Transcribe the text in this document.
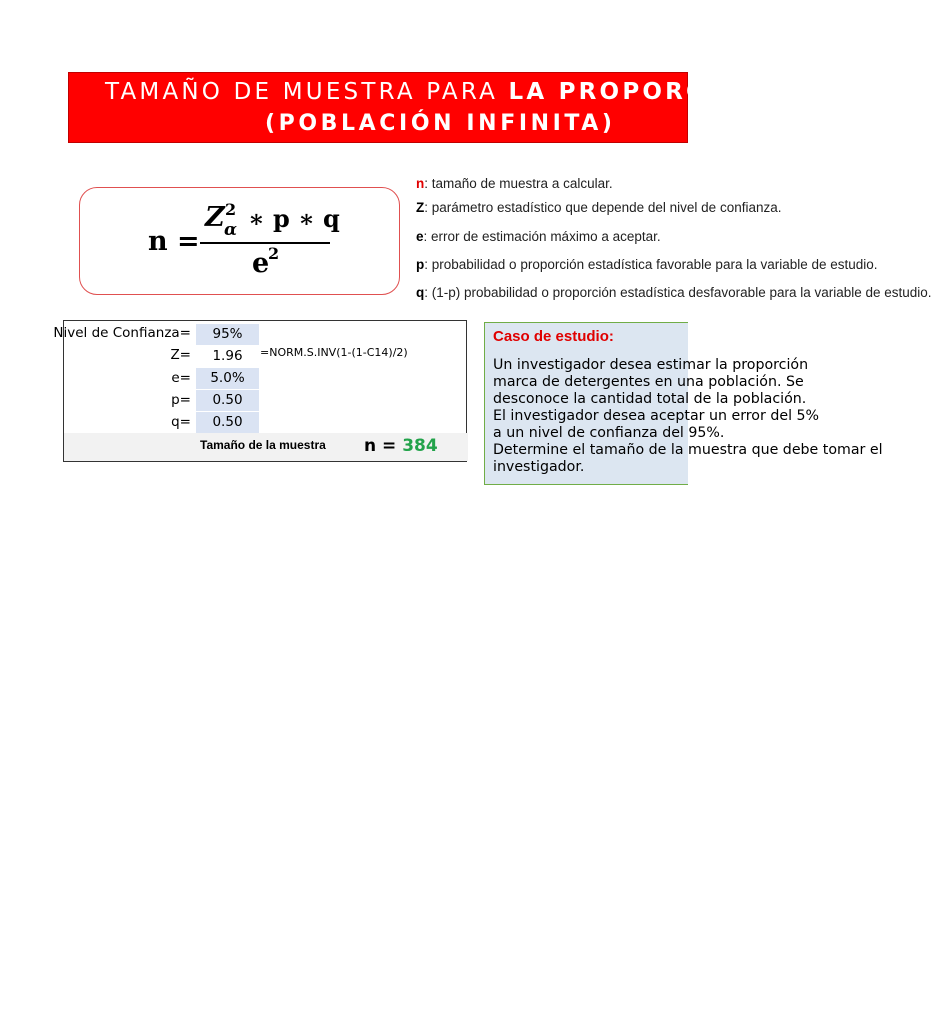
TAMAÑO DE MUESTRA PARA LA PROPORCIÓN
(POBLACIÓN INFINITA)
n =
Z 2
α ∗ p ∗ q
e
2
n: tamaño de muestra a calcular.
Z: parámetro estadístico que depende del nivel de confianza.
e: error de estimación máximo a aceptar.
p: probabilidad o proporción estadística favorable para la variable de estudio.
q: (1-p) probabilidad o proporción estadística desfavorable para la variable de estudio.
Nivel de Confianza=	95%
Z=	1.96	=NORM.S.INV(1-(1-C14)/2)
e=	5.0%
p=	0.50
q=	0.50
Tamaño de la muestra n = 384
Caso de estudio:
Un investigador desea estimar la proporción
marca de detergentes en una población. Se
desconoce la cantidad total de la población.
El investigador desea aceptar un error del 5%
a un nivel de confianza del 95%.
Determine el tamaño de la muestra que debe tomar el
investigador.
